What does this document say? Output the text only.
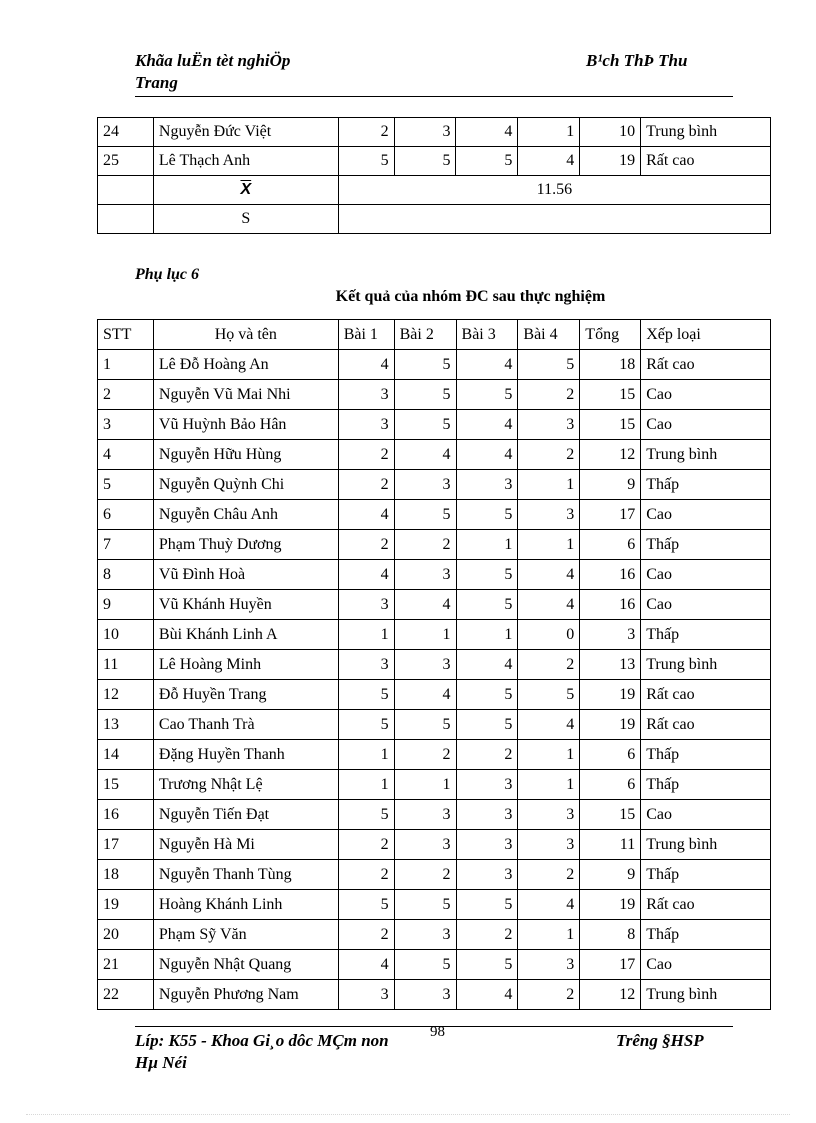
Khãa luËn tèt nghiÖp
Trang
B¹ch ThÞ Thu
24	Nguyễn Đức Việt	2	3	4	1	10	Trung bình
25	Lê Thạch Anh	5	5	5	4	19	Rất cao
	$\overline{X}$	11.56					
	S						
Phụ lục 6
Kết quả của nhóm ĐC sau thực nghiệm
STT	Họ và tên	Bài 1	Bài 2	Bài 3	Bài 4	Tổng	Xếp loại
1	Lê Đỗ Hoàng An	4	5	4	5	18	Rất cao
2	Nguyễn Vũ Mai Nhi	3	5	5	2	15	Cao
3	Vũ Huỳnh Bảo Hân	3	5	4	3	15	Cao
4	Nguyễn Hữu Hùng	2	4	4	2	12	Trung bình
5	Nguyễn Quỳnh Chi	2	3	3	1	9	Thấp
6	Nguyễn Châu Anh	4	5	5	3	17	Cao
7	Phạm Thuỳ Dương	2	2	1	1	6	Thấp
8	Vũ Đình Hoà	4	3	5	4	16	Cao
9	Vũ Khánh Huyền	3	4	5	4	16	Cao
10	Bùi Khánh Linh A	1	1	1	0	3	Thấp
11	Lê Hoàng Minh	3	3	4	2	13	Trung bình
12	Đỗ Huyền Trang	5	4	5	5	19	Rất cao
13	Cao Thanh Trà	5	5	5	4	19	Rất cao
14	Đặng Huyền Thanh	1	2	2	1	6	Thấp
15	Trương Nhật Lệ	1	1	3	1	6	Thấp
16	Nguyễn Tiến Đạt	5	3	3	3	15	Cao
17	Nguyễn Hà Mi	2	3	3	3	11	Trung bình
18	Nguyễn Thanh Tùng	2	2	3	2	9	Thấp
19	Hoàng Khánh Linh	5	5	5	4	19	Rất cao
20	Phạm Sỹ Văn	2	3	2	1	8	Thấp
21	Nguyễn Nhật Quang	4	5	5	3	17	Cao
22	Nguyễn Phương Nam	3	3	4	2	12	Trung bình
Líp: K55 - Khoa Gi¸o dôc MÇm non
Hµ Néi
98	Trêng §HSP
